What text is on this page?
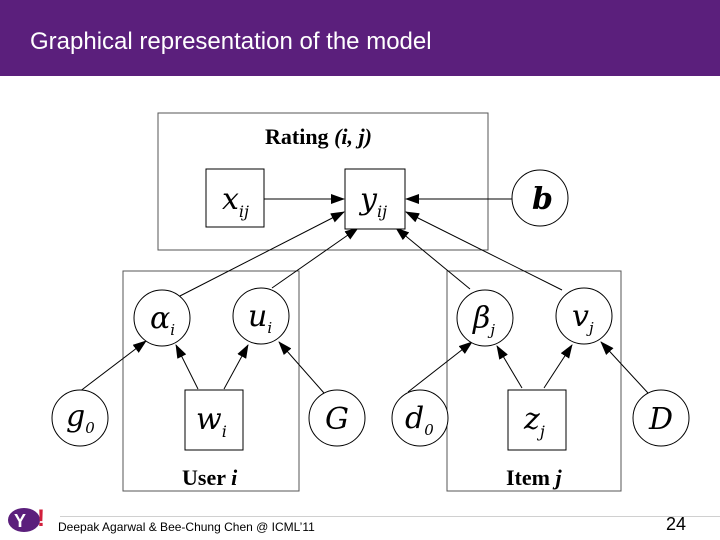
Graphical representation of the model
Rating (i, j)
User i	Item j
xij	yij
wi	zj
b
αi ui	βj	vj
g0	G d0	D
Y ! Deepak Agarwal & Bee-Chung Chen @ ICML’11	24
